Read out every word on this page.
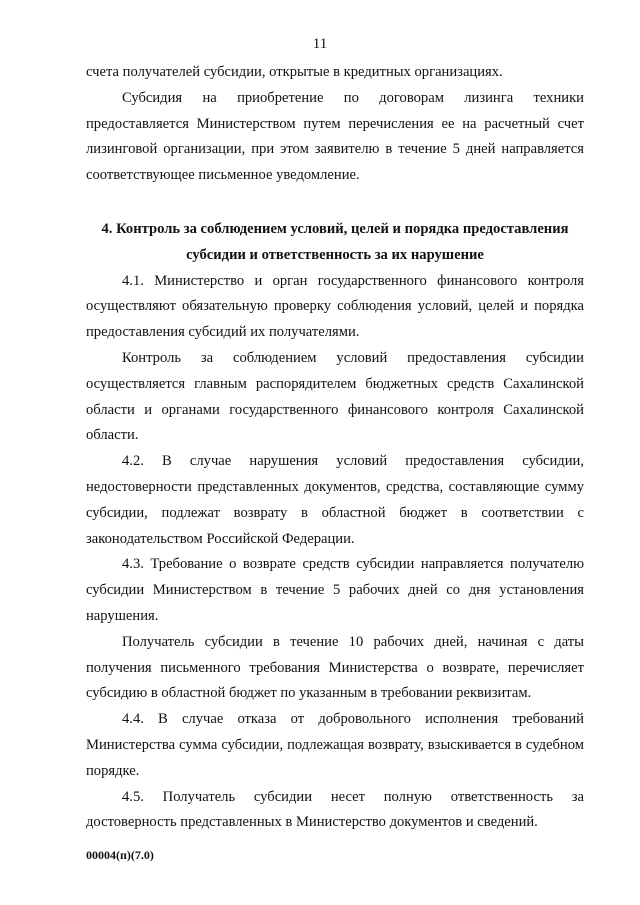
11

счета получателей субсидии, открытые в кредитных организациях.

Субсидия на приобретение по договорам лизинга техники предоставляется Министерством путем перечисления ее на расчетный счет лизинговой организации, при этом заявителю в течение 5 дней направляется соответствующее письменное уведомление.

4. Контроль за соблюдением условий, целей и порядка предоставления субсидии и ответственность за их нарушение

4.1. Министерство и орган государственного финансового контроля осуществляют обязательную проверку соблюдения условий, целей и порядка предоставления субсидий их получателями.

Контроль за соблюдением условий предоставления субсидии осуществляется главным распорядителем бюджетных средств Сахалинской области и органами государственного финансового контроля Сахалинской области.

4.2. В случае нарушения условий предоставления субсидии, недостоверности представленных документов, средства, составляющие сумму субсидии, подлежат возврату в областной бюджет в соответствии с законодательством Российской Федерации.

4.3. Требование о возврате средств субсидии направляется получателю субсидии Министерством в течение 5 рабочих дней со дня установления нарушения.

Получатель субсидии в течение 10 рабочих дней, начиная с даты получения письменного требования Министерства о возврате, перечисляет субсидию в областной бюджет по указанным в требовании реквизитам.

4.4. В случае отказа от добровольного исполнения требований Министерства сумма субсидии, подлежащая возврату, взыскивается в судебном порядке.

4.5. Получатель субсидии несет полную ответственность за достоверность представленных в Министерство документов и сведений.

00004(п)(7.0)
